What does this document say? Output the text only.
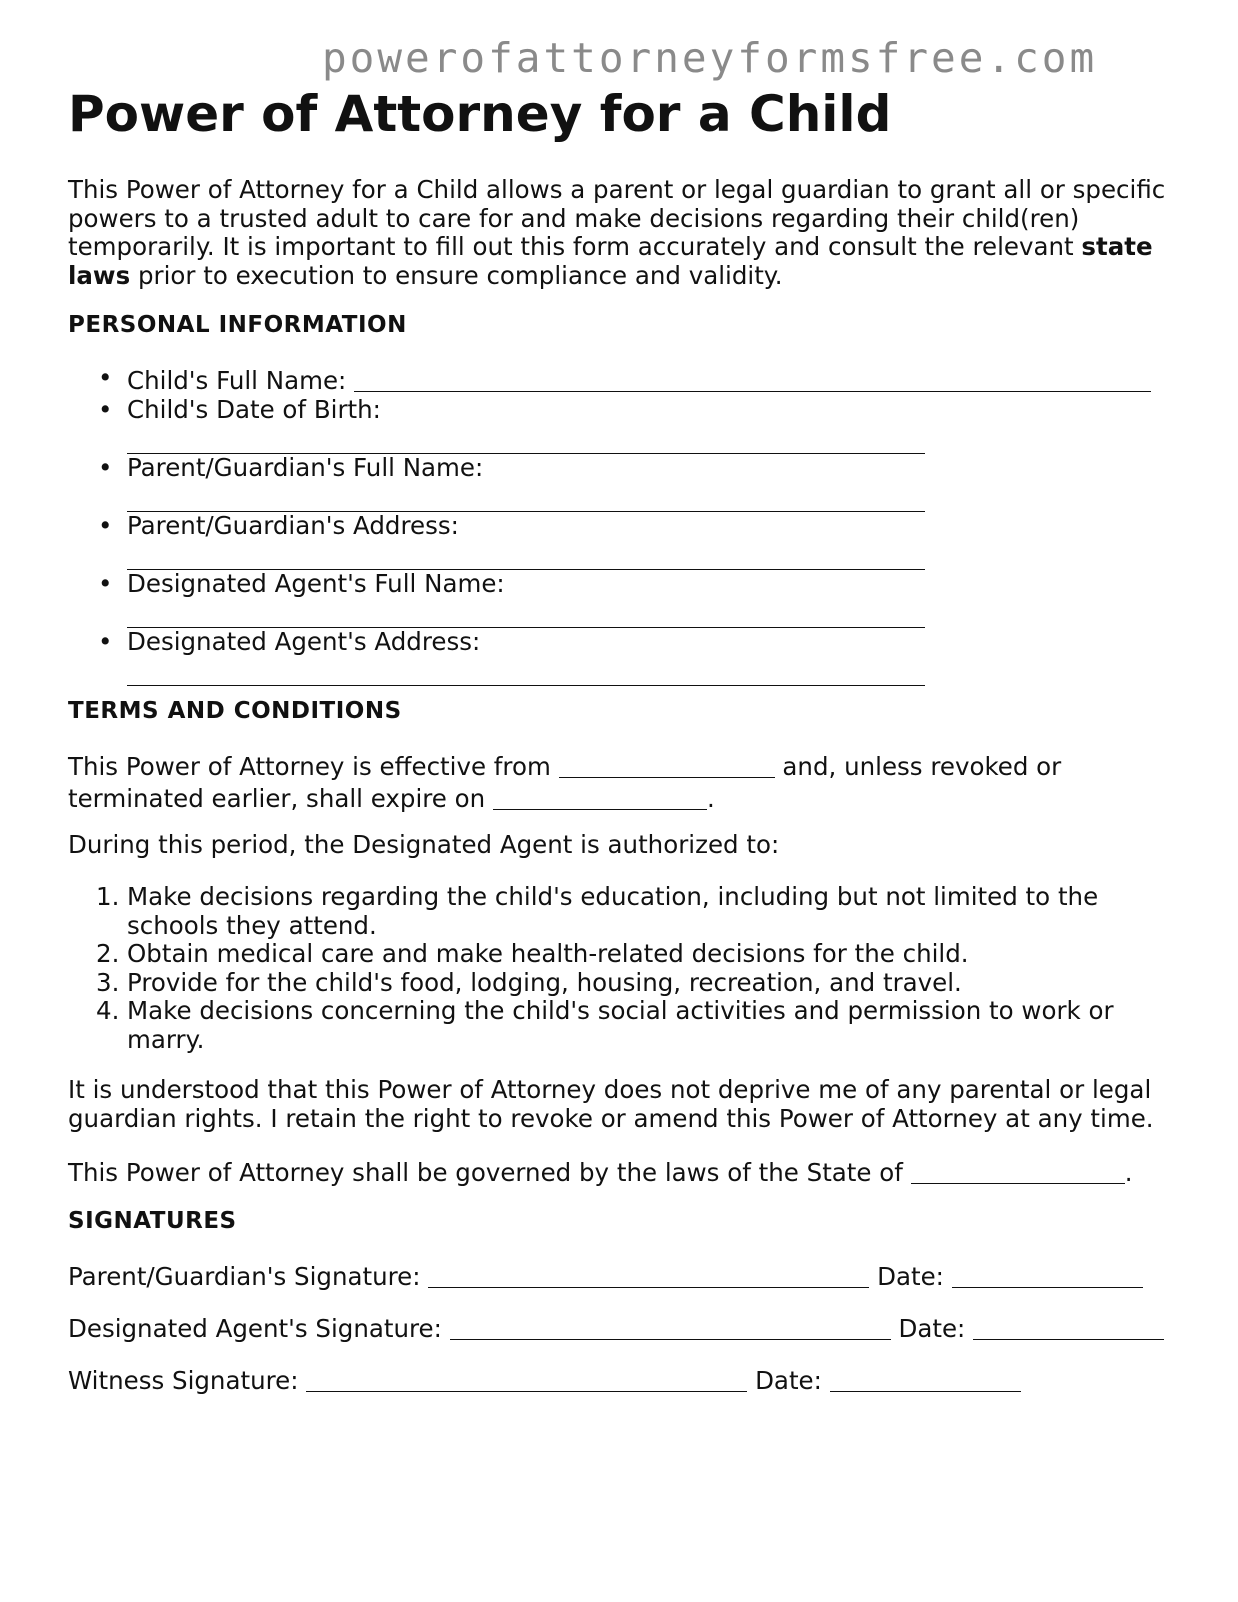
powerofattorneyformsfree.com

Power of Attorney for a Child

This Power of Attorney for a Child allows a parent or legal guardian to grant all or specific powers to a trusted adult to care for and make decisions regarding their child(ren) temporarily. It is important to fill out this form accurately and consult the relevant state laws prior to execution to ensure compliance and validity.

PERSONAL INFORMATION
• Child's Full Name:
• Child's Date of Birth:
• Parent/Guardian's Full Name:
• Parent/Guardian's Address:
• Designated Agent's Full Name:
• Designated Agent's Address:
TERMS AND CONDITIONS

This Power of Attorney is effective from	and, unless revoked or terminated earlier, shall expire on	.

During this period, the Designated Agent is authorized to:

1. Make decisions regarding the child's education, including but not limited to the schools they attend.
2. Obtain medical care and make health-related decisions for the child.
3. Provide for the child's food, lodging, housing, recreation, and travel.
4. Make decisions concerning the child's social activities and permission to work or marry.

It is understood that this Power of Attorney does not deprive me of any parental or legal guardian rights. I retain the right to revoke or amend this Power of Attorney at any time.

This Power of Attorney shall be governed by the laws of the State of	.

SIGNATURES

Parent/Guardian's Signature:	Date:

Designated Agent's Signature:	Date:

Witness Signature:	Date:
